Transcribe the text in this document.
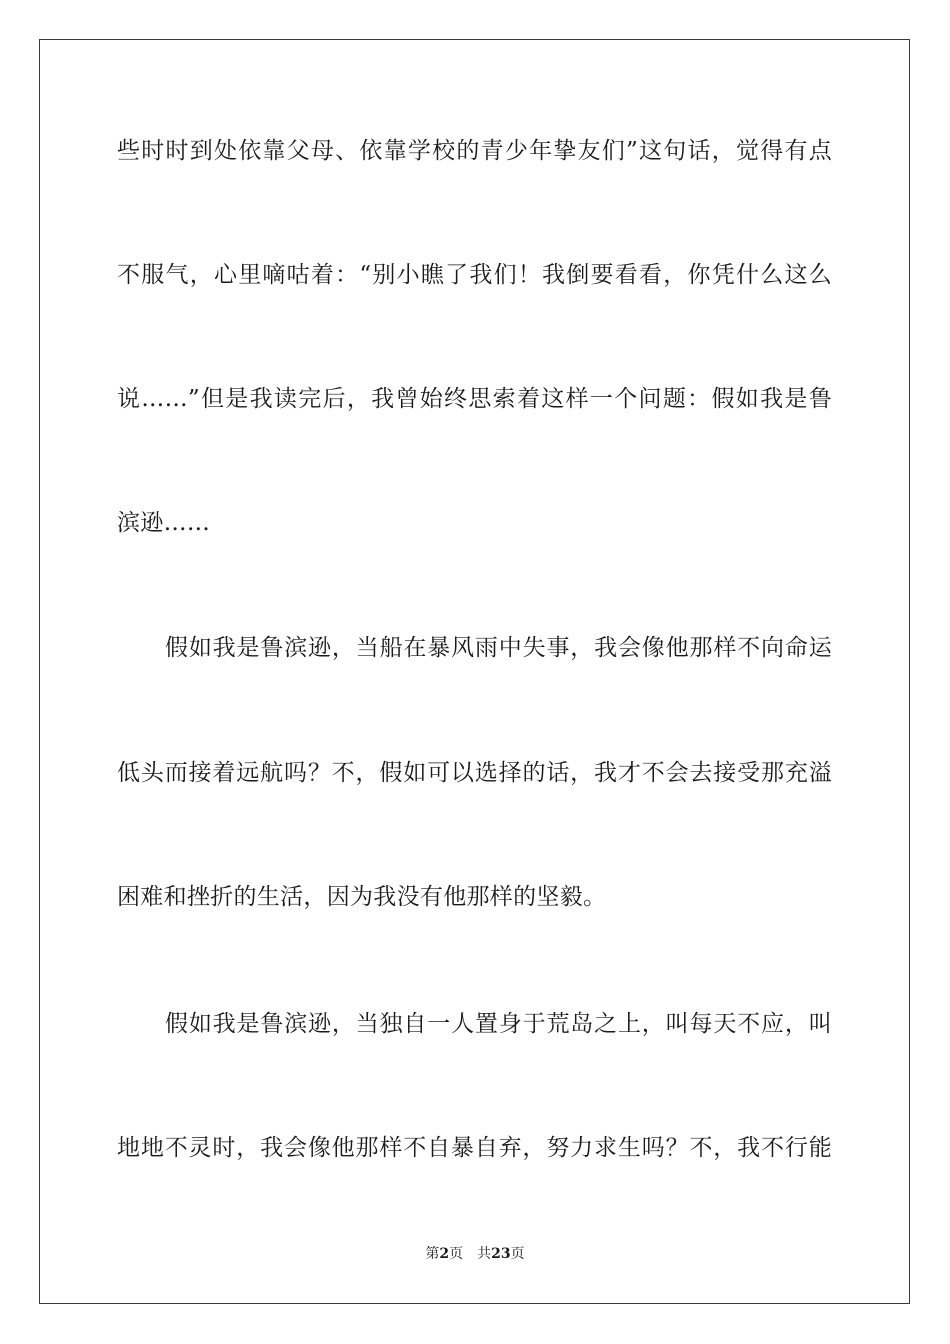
些时时到处依靠父母、依靠学校的青少年挚友们”这句话，觉得有点
不服气，心里嘀咕着：“别小瞧了我们！我倒要看看，你凭什么这么
说……”但是我读完后，我曾始终思索着这样一个问题：假如我是鲁
滨逊……
假如我是鲁滨逊，当船在暴风雨中失事，我会像他那样不向命运
低头而接着远航吗？不，假如可以选择的话，我才不会去接受那充溢
困难和挫折的生活，因为我没有他那样的坚毅。
假如我是鲁滨逊，当独自一人置身于荒岛之上，叫每天不应，叫
地地不灵时，我会像他那样不自暴自弃，努力求生吗？不，我不行能
第2页 共23页
